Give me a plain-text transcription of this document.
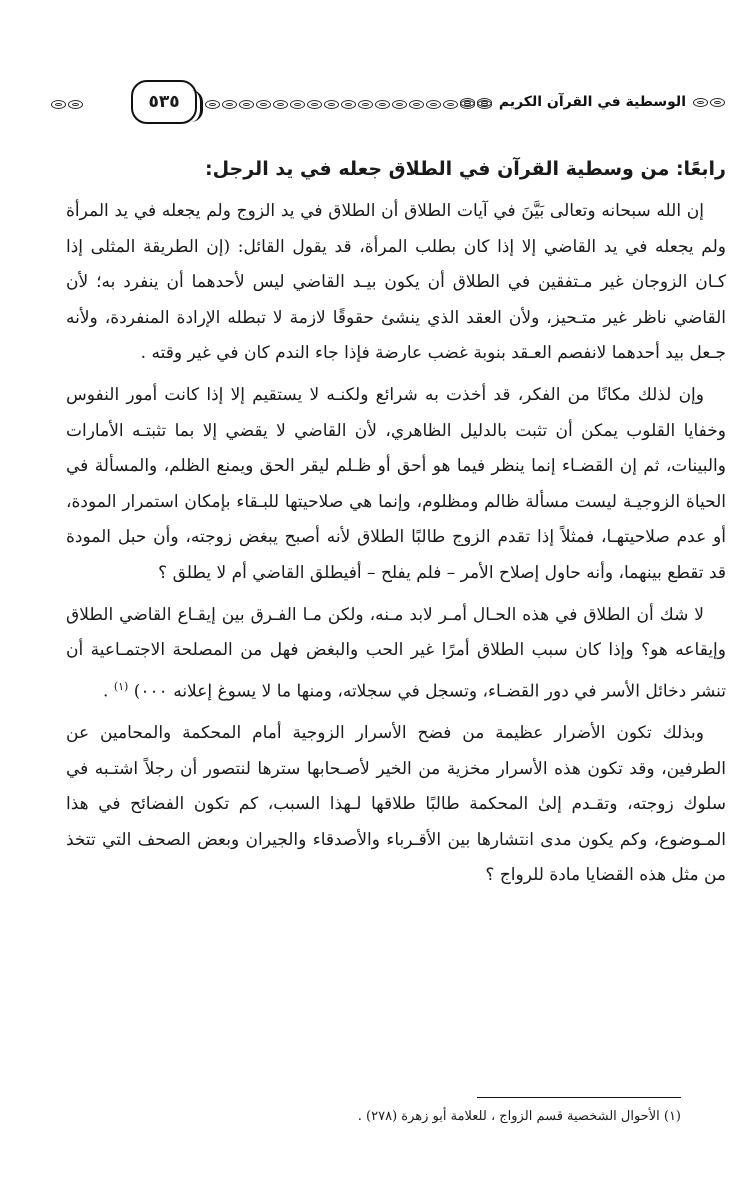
الوسطية في القرآن الكريم
٥٣٥
رابعًا: من وسطية القرآن في الطلاق جعله في يد الرجل:

إن الله سبحانه وتعالى بَيَّنَ في آيات الطلاق أن الطلاق في يد الزوج ولم يجعله في يد المرأة ولم يجعله في يد القاضي إلا إذا كان بطلب المرأة، قد يقول القائل: (إن الطريقة المثلى إذا كـان الزوجان غير مـتفقين في الطلاق أن يكون بيـد القاضي ليس لأحدهما أن ينفرد به؛ لأن القاضي ناظر غير متـحيز، ولأن العقد الذي ينشئ حقوقًا لازمة لا تبطله الإرادة المنفردة، ولأنه جـعل بيد أحدهما لانفصم العـقد بنوبة غضب عارضة فإذا جاء الندم كان في غير وقته .

وإن لذلك مكانًا من الفكر، قد أخذت به شرائع ولكنـه لا يستقيم إلا إذا كانت أمور النفوس وخفايا القلوب يمكن أن تثبت بالدليل الظاهري، لأن القاضي لا يقضي إلا بما تثبتـه الأمارات والبينات، ثم إن القضـاء إنما ينظر فيما هو أحق أو ظـلم ليقر الحق ويمنع الظلم، والمسألة في الحياة الزوجيـة ليست مسألة ظالم ومظلوم، وإنما هي صلاحيتها للبـقاء بإمكان استمرار المودة، أو عدم صلاحيتهـا، فمثلاً إذا تقدم الزوج طالبًا الطلاق لأنه أصبح يبغض زوجته، وأن حبل المودة قد تقطع بينهما، وأنه حاول إصلاح الأمر – فلم يفلح – أفيطلق القاضي أم لا يطلق ؟

لا شك أن الطلاق في هذه الحـال أمـر لابد مـنه، ولكن مـا الفـرق بين إيقـاع القاضي الطلاق وإيقاعه هو؟ وإذا كان سبب الطلاق أمرًا غير الحب والبغض فهل من المصلحة الاجتمـاعية أن تنشر دخائل الأسر في دور القضـاء، وتسجل في سجلاته، ومنها ما لا يسوغ إعلانه ٠٠٠) $^{(١)}$ .

وبذلك تكون الأضرار عظيمة من فضح الأسرار الزوجية أمام المحكمة والمحامين عن الطرفين، وقد تكون هذه الأسرار مخزية من الخير لأصـحابها سترها لنتصور أن رجلاً اشتـبه في سلوك زوجته، وتقـدم إلىٰ المحكمة طالبًا طلاقها لـهذا السبب، كم تكون الفضائح في هذا المـوضوع، وكم يكون مدى انتشارها بين الأقـرباء والأصدقاء والجيران وبعض الصحف التي تتخذ من مثل هذه القضايا مادة للرواج ؟

(١) الأحوال الشخصية قسم الزواج ، للعلامة أبو زهرة (٢٧٨) .
